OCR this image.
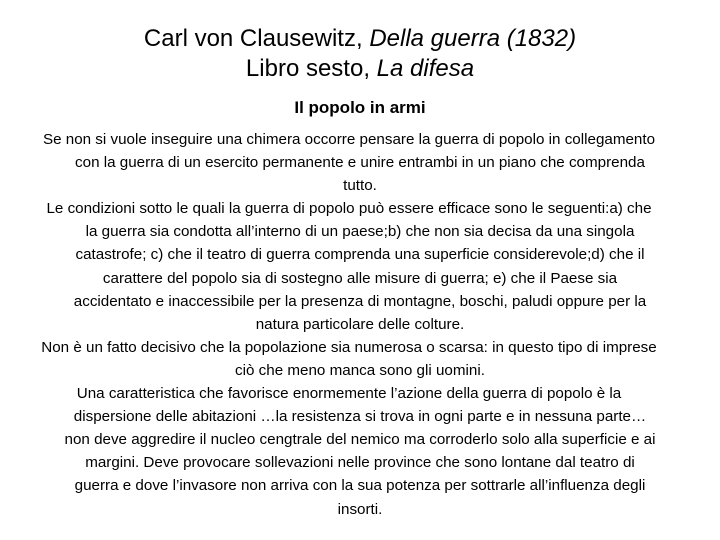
Carl von Clausewitz, Della guerra (1832)
Libro sesto, La difesa
Il popolo in armi

Se non si vuole inseguire una chimera occorre pensare la guerra di popolo in collegamento con la guerra di un esercito permanente e unire entrambi in un piano che comprenda tutto.

Le condizioni sotto le quali la guerra di popolo può essere efficace sono le seguenti:a) che la guerra sia condotta all’interno di un paese;b) che non sia decisa da una singola catastrofe; c) che il teatro di guerra comprenda una superficie considerevole;d) che il carattere del popolo sia di sostegno alle misure di guerra; e) che il Paese sia accidentato e inaccessibile per la presenza di montagne, boschi, paludi oppure per la natura particolare delle colture.

Non è un fatto decisivo che la popolazione sia numerosa o scarsa: in questo tipo di imprese ciò che meno manca sono gli uomini.

Una caratteristica che favorisce enormemente l’azione della guerra di popolo è la dispersione delle abitazioni …la resistenza si trova in ogni parte e in nessuna parte… non deve aggredire il nucleo cengtrale del nemico ma corroderlo solo alla superficie e ai margini. Deve provocare sollevazioni nelle province che sono lontane dal teatro di guerra e dove l’invasore non arriva con la sua potenza per sottrarle all’influenza degli insorti.
